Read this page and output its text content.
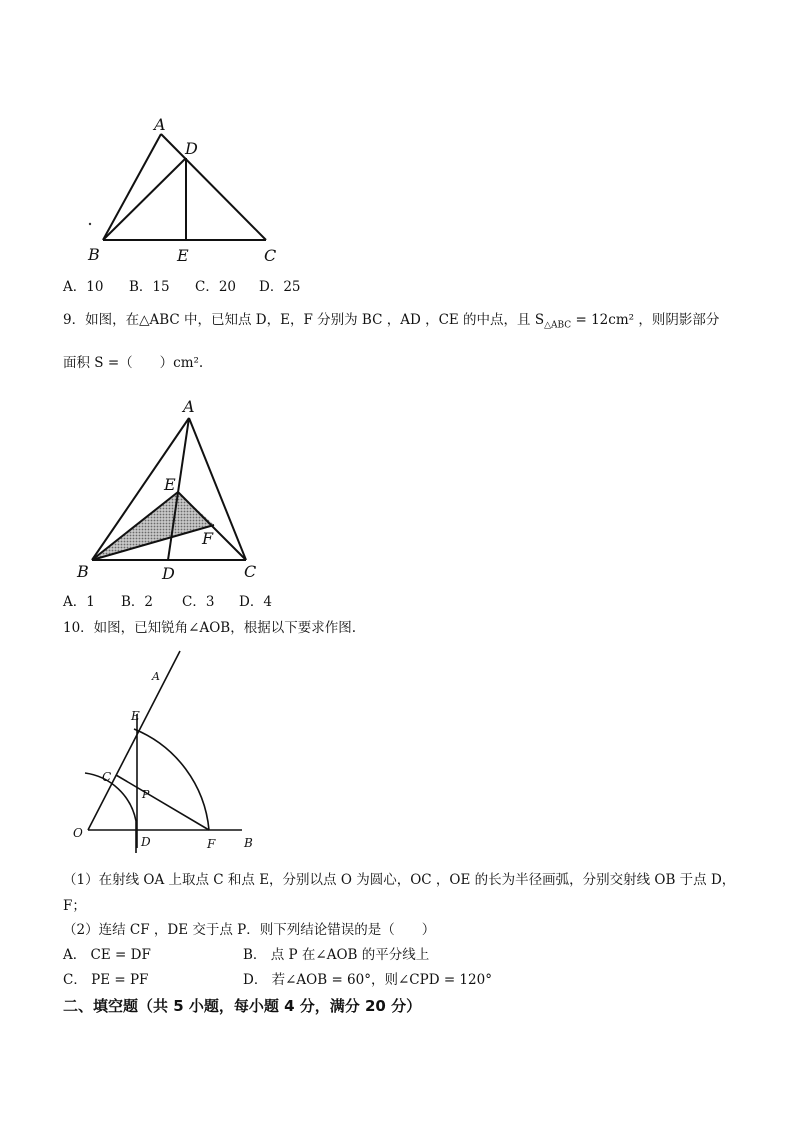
A
D
B	E	C
A．10 B．15 C．20 D．25
9．如图，在△ABC 中，已知点 D，E，F 分别为 BC ，AD ，CE 的中点，且 $S_{\triangle ABC} = 12cm^2$ ，则阴影部分
面积 S =（　　）cm².
A
E
F
B	D	C
A．1 B．2 C．3 D．4
10．如图，已知锐角∠AOB，根据以下要求作图.
A
E
C
P
O
D	F B
（1）在射线 OA 上取点 C 和点 E，分别以点 O 为圆心，OC ，OE 的长为半径画弧，分别交射线 OB 于点 D，
F；
（2）连结 CF ，DE 交于点 P．则下列结论错误的是（　　）
A． CE = DF	B． 点 P 在∠AOB 的平分线上
C． PE = PF	D． 若∠AOB = 60°，则∠CPD = 120°
二、填空题（共 5 小题，每小题 4 分，满分 20 分）
